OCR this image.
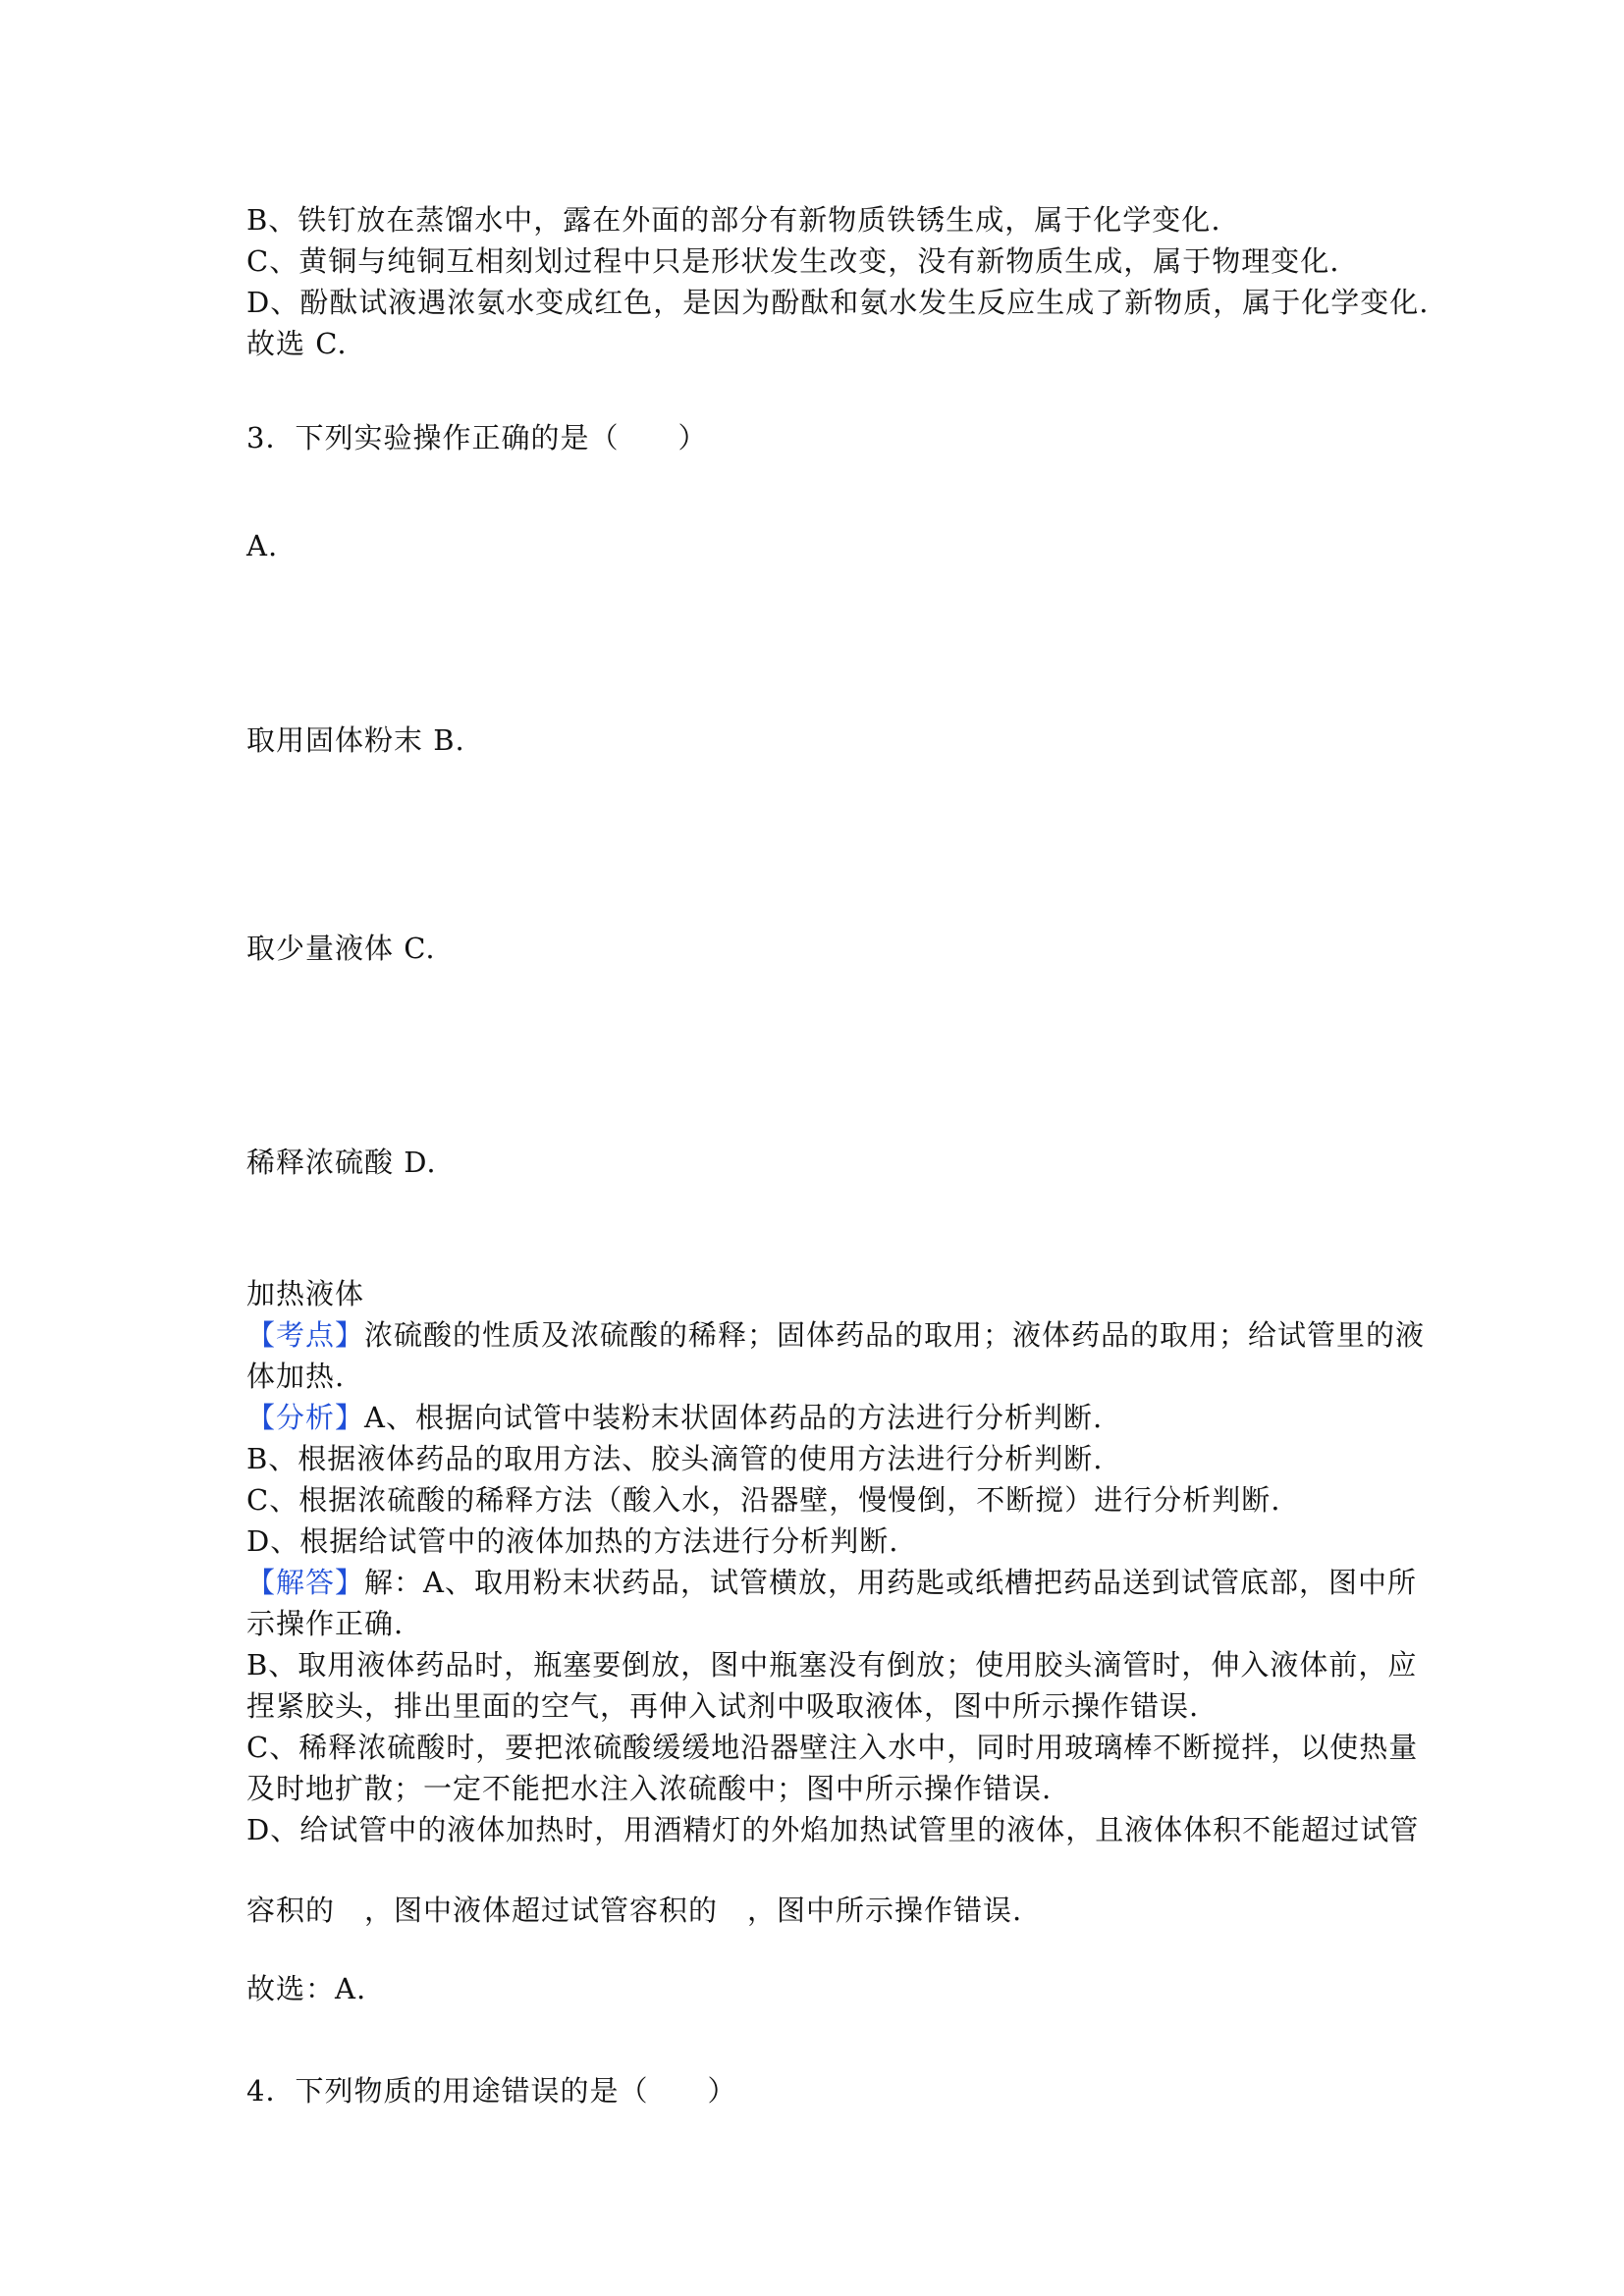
B、铁钉放在蒸馏水中，露在外面的部分有新物质铁锈生成，属于化学变化.
C、黄铜与纯铜互相刻划过程中只是形状发生改变，没有新物质生成，属于物理变化.
D、酚酞试液遇浓氨水变成红色，是因为酚酞和氨水发生反应生成了新物质，属于化学变化.
故选 C.
3．下列实验操作正确的是（　　）
A.
取用固体粉末 B.
取少量液体 C.
稀释浓硫酸 D.
加热液体
【考点】浓硫酸的性质及浓硫酸的稀释；固体药品的取用；液体药品的取用；给试管里的液
体加热.
【分析】A、根据向试管中装粉末状固体药品的方法进行分析判断.
B、根据液体药品的取用方法、胶头滴管的使用方法进行分析判断.
C、根据浓硫酸的稀释方法（酸入水，沿器壁，慢慢倒，不断搅）进行分析判断.
D、根据给试管中的液体加热的方法进行分析判断.
【解答】解：A、取用粉末状药品，试管横放，用药匙或纸槽把药品送到试管底部，图中所
示操作正确.
B、取用液体药品时，瓶塞要倒放，图中瓶塞没有倒放；使用胶头滴管时，伸入液体前，应
捏紧胶头，排出里面的空气，再伸入试剂中吸取液体，图中所示操作错误.
C、稀释浓硫酸时，要把浓硫酸缓缓地沿器壁注入水中，同时用玻璃棒不断搅拌，以使热量
及时地扩散；一定不能把水注入浓硫酸中；图中所示操作错误.
D、给试管中的液体加热时，用酒精灯的外焰加热试管里的液体，且液体体积不能超过试管
容积的　，图中液体超过试管容积的　，图中所示操作错误.
故选：A.
4．下列物质的用途错误的是（　　）
